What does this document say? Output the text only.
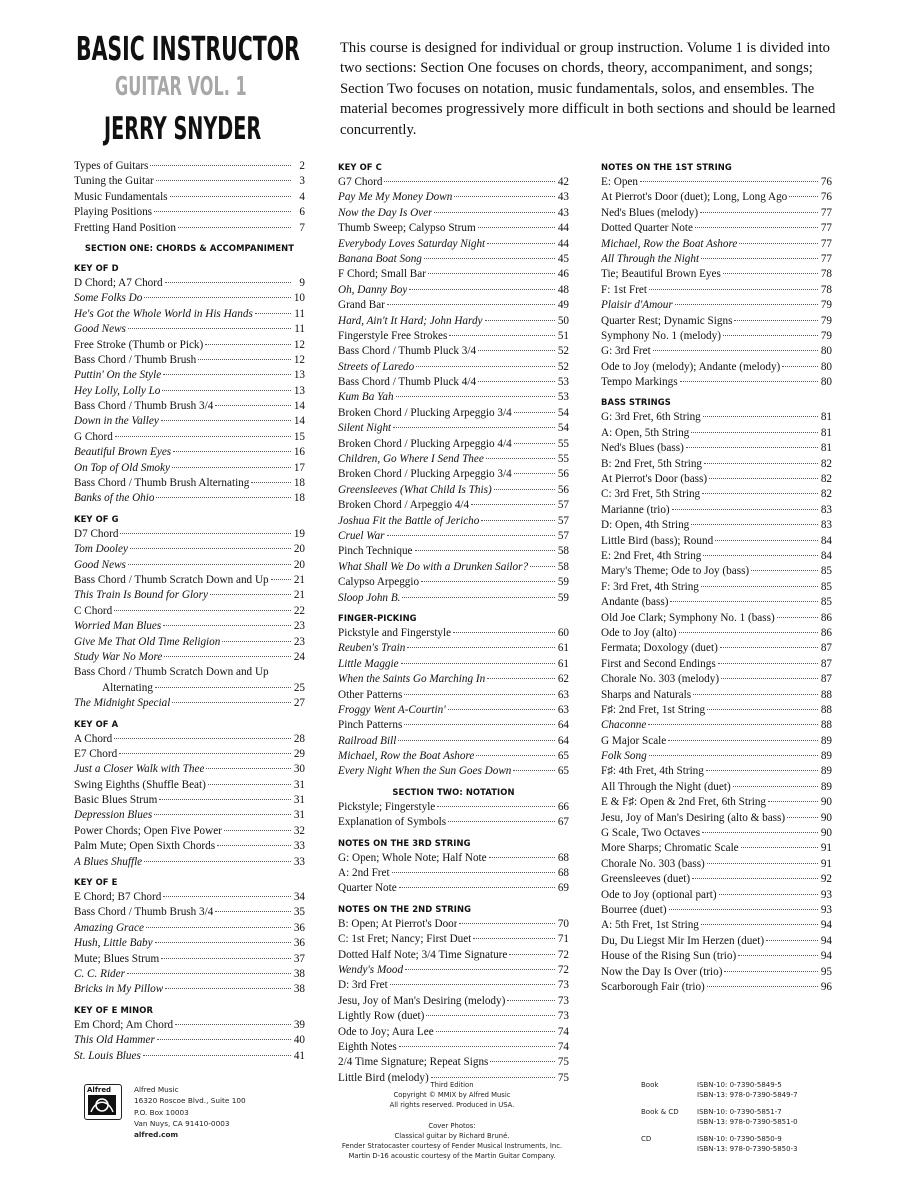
BASIC INSTRUCTOR
GUITAR VOL. 1
JERRY SNYDER
This course is designed for individual or group instruction. Volume 1 is divided into two sections: Section One focuses on chords, theory, accompaniment, and songs; Section Two focuses on notation, music fundamentals, solos, and ensembles. The material becomes progressively more difficult in both sections and should be learned concurrently.
Types of Guitars	2
Tuning the Guitar	3
Music Fundamentals	4
Playing Positions	6
Fretting Hand Position	7
SECTION ONE: CHORDS & ACCOMPANIMENT
KEY OF D
D Chord; A7 Chord	9
Some Folks Do	10
He's Got the Whole World in His Hands	11
Good News	11
Free Stroke (Thumb or Pick)	12
Bass Chord / Thumb Brush	12
Puttin' On the Style	13
Hey Lolly, Lolly Lo	13
Bass Chord / Thumb Brush 3/4	14
Down in the Valley	14
G Chord	15
Beautiful Brown Eyes	16
On Top of Old Smoky	17
Bass Chord / Thumb Brush Alternating	18
Banks of the Ohio	18
KEY OF G
D7 Chord	19
Tom Dooley	20
Good News	20
Bass Chord / Thumb Scratch Down and Up 21
This Train Is Bound for Glory	21
C Chord	22
Worried Man Blues	23
Give Me That Old Time Religion	23
Study War No More	24
Bass Chord / Thumb Scratch Down and Up
Alternating	25
The Midnight Special	27
KEY OF A
A Chord	28
E7 Chord	29
Just a Closer Walk with Thee	30
Swing Eighths (Shuffle Beat)	31
Basic Blues Strum	31
Depression Blues	31
Power Chords; Open Five Power	32
Palm Mute; Open Sixth Chords	33
A Blues Shuffle	33
KEY OF E
E Chord; B7 Chord	34
Bass Chord / Thumb Brush 3/4	35
Amazing Grace	36
Hush, Little Baby	36
Mute; Blues Strum	37
C. C. Rider	38
Bricks in My Pillow	38
KEY OF E MINOR
Em Chord; Am Chord	39
This Old Hammer	40
St. Louis Blues	41
KEY OF C
G7 Chord	42
Pay Me My Money Down	43
Now the Day Is Over	43
Thumb Sweep; Calypso Strum	44
Everybody Loves Saturday Night	44
Banana Boat Song	45
F Chord; Small Bar	46
Oh, Danny Boy	48
Grand Bar	49
Hard, Ain't It Hard; John Hardy	50
Fingerstyle Free Strokes	51
Bass Chord / Thumb Pluck 3/4	52
Streets of Laredo	52
Bass Chord / Thumb Pluck 4/4	53
Kum Ba Yah	53
Broken Chord / Plucking Arpeggio 3/4	54
Silent Night	54
Broken Chord / Plucking Arpeggio 4/4	55
Children, Go Where I Send Thee	55
Broken Chord / Plucking Arpeggio 3/4	56
Greensleeves (What Child Is This)	56
Broken Chord / Arpeggio 4/4	57
Joshua Fit the Battle of Jericho	57
Cruel War	57
Pinch Technique	58
What Shall We Do with a Drunken Sailor?	58
Calypso Arpeggio	59
Sloop John B.	59
FINGER-PICKING
Pickstyle and Fingerstyle	60
Reuben's Train	61
Little Maggie	61
When the Saints Go Marching In	62
Other Patterns	63
Froggy Went A-Courtin'	63
Pinch Patterns	64
Railroad Bill	64
Michael, Row the Boat Ashore	65
Every Night When the Sun Goes Down	65
SECTION TWO: NOTATION
Pickstyle; Fingerstyle	66
Explanation of Symbols	67
NOTES ON THE 3RD STRING
G: Open; Whole Note; Half Note	68
A: 2nd Fret	68
Quarter Note	69
NOTES ON THE 2ND STRING
B: Open; At Pierrot's Door	70
C: 1st Fret; Nancy; First Duet	71
Dotted Half Note; 3/4 Time Signature	72
Wendy's Mood	72
D: 3rd Fret	73
Jesu, Joy of Man's Desiring (melody)	73
Lightly Row (duet)	73
Ode to Joy; Aura Lee	74
Eighth Notes	74
2/4 Time Signature; Repeat Signs	75
Little Bird (melody)	75
NOTES ON THE 1ST STRING
E: Open	76
At Pierrot's Door (duet); Long, Long Ago	76
Ned's Blues (melody)	77
Dotted Quarter Note	77
Michael, Row the Boat Ashore	77
All Through the Night	77
Tie; Beautiful Brown Eyes	78
F: 1st Fret	78
Plaisir d'Amour	79
Quarter Rest; Dynamic Signs	79
Symphony No. 1 (melody)	79
G: 3rd Fret	80
Ode to Joy (melody); Andante (melody)	80
Tempo Markings	80
BASS STRINGS
G: 3rd Fret, 6th String	81
A: Open, 5th String	81
Ned's Blues (bass)	81
B: 2nd Fret, 5th String	82
At Pierrot's Door (bass)	82
C: 3rd Fret, 5th String	82
Marianne (trio)	83
D: Open, 4th String	83
Little Bird (bass); Round	84
E: 2nd Fret, 4th String	84
Mary's Theme; Ode to Joy (bass)	85
F: 3rd Fret, 4th String	85
Andante (bass)	85
Old Joe Clark; Symphony No. 1 (bass)	86
Ode to Joy (alto)	86
Fermata; Doxology (duet)	87
First and Second Endings	87
Chorale No. 303 (melody)	87
Sharps and Naturals	88
F♯: 2nd Fret, 1st String	88
Chaconne	88
G Major Scale	89
Folk Song	89
F♯: 4th Fret, 4th String	89
All Through the Night (duet)	89
E & F♯: Open & 2nd Fret, 6th String	90
Jesu, Joy of Man's Desiring (alto & bass)	90
G Scale, Two Octaves	90
More Sharps; Chromatic Scale	91
Chorale No. 303 (bass)	91
Greensleeves (duet)	92
Ode to Joy (optional part)	93
Bourree (duet)	93
A: 5th Fret, 1st String	94
Du, Du Liegst Mir Im Herzen (duet)	94
House of the Rising Sun (trio)	94
Now the Day Is Over (trio)	95
Scarborough Fair (trio)	96
Alfred	Alfred Music
16320 Roscoe Blvd., Suite 100
P.O. Box 10003
Van Nuys, CA 91410-0003
alfred.com
Third Edition
Copyright © MMIX by Alfred Music
All rights reserved. Produced in USA.

Cover Photos:
Classical guitar by Richard Bruné.
Fender Stratocaster courtesy of Fender Musical Instruments, Inc.
Martin D-16 acoustic courtesy of the Martin Guitar Company.
Book	ISBN-10: 0-7390-5849-5
ISBN-13: 978-0-7390-5849-7
Book & CD	ISBN-10: 0-7390-5851-7
ISBN-13: 978-0-7390-5851-0
CD	ISBN-10: 0-7390-5850-9
ISBN-13: 978-0-7390-5850-3
